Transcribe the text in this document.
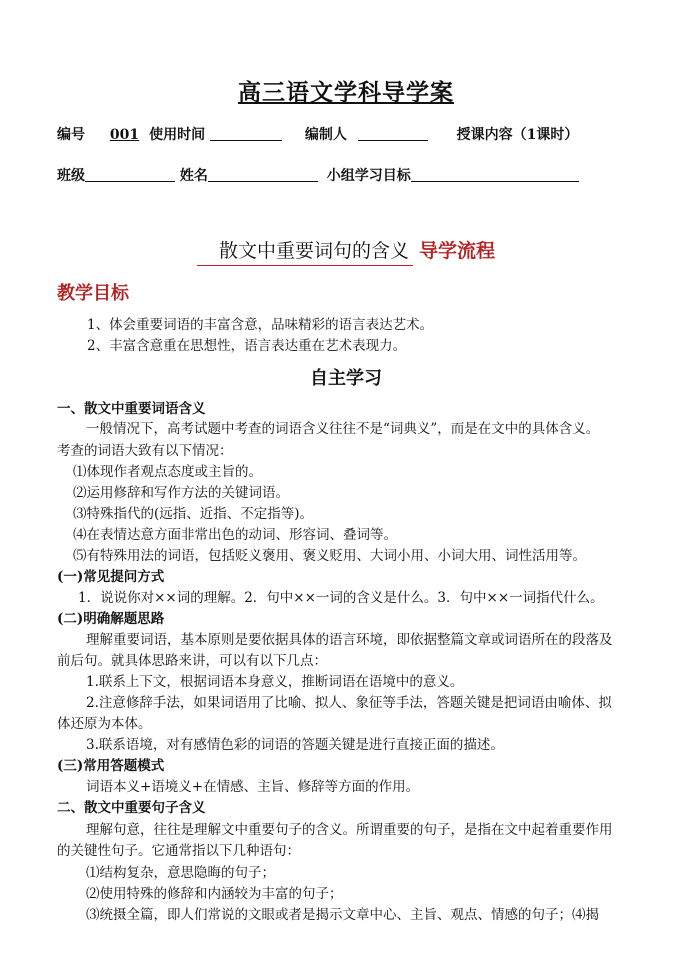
高三语文学科导学案
编号 001 使用时间	编制人	授课内容（1课时）
班级	姓名	小组学习目标
散文中重要词句的含义 导学流程
教学目标
1、体会重要词语的丰富含意，品味精彩的语言表达艺术。
2、丰富含意重在思想性，语言表达重在艺术表现力。
自主学习
一、散文中重要词语含义
一般情况下，高考试题中考查的词语含义往往不是“词典义”，而是在文中的具体含义。
考查的词语大致有以下情况：
⑴体现作者观点态度或主旨的。
⑵运用修辞和写作方法的关键词语。
⑶特殊指代的(远指、近指、不定指等)。
⑷在表情达意方面非常出色的动词、形容词、叠词等。
⑸有特殊用法的词语，包括贬义褒用、褒义贬用、大词小用、小词大用、词性活用等。
(一)常见提问方式
1．说说你对××词的理解。2．句中××一词的含义是什么。3．句中××一词指代什么。
(二)明确解题思路
理解重要词语，基本原则是要依据具体的语言环境，即依据整篇文章或词语所在的段落及
前后句。就具体思路来讲，可以有以下几点：
1.联系上下文，根据词语本身意义，推断词语在语境中的意义。
2.注意修辞手法，如果词语用了比喻、拟人、象征等手法，答题关键是把词语由喻体、拟
体还原为本体。
3.联系语境，对有感情色彩的词语的答题关键是进行直接正面的描述。
(三)常用答题模式
词语本义+语境义+在情感、主旨、修辞等方面的作用。
二、散文中重要句子含义
理解句意，往往是理解文中重要句子的含义。所谓重要的句子，是指在文中起着重要作用
的关键性句子。它通常指以下几种语句：
⑴结构复杂，意思隐晦的句子；
⑵使用特殊的修辞和内涵较为丰富的句子；
⑶统摄全篇，即人们常说的文眼或者是揭示文章中心、主旨、观点、情感的句子；⑷揭
